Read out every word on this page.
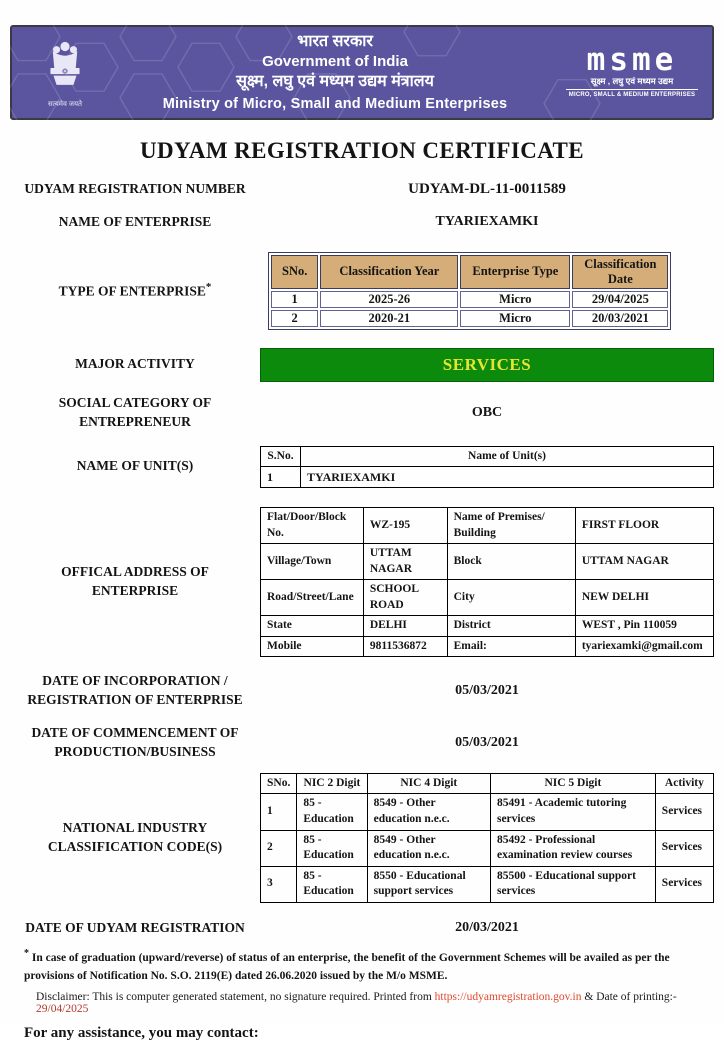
सत्यमेव जयते
भारत सरकार
Government of India
सूक्ष्म, लघु एवं मध्यम उद्यम मंत्रालय
Ministry of Micro, Small and Medium Enterprises
msme
सूक्ष्म , लघु एवं मध्यम उद्यम
MICRO, SMALL & MEDIUM ENTERPRISES
UDYAM REGISTRATION CERTIFICATE
UDYAM REGISTRATION NUMBER	UDYAM-DL-11-0011589
NAME OF ENTERPRISE	TYARIEXAMKI
TYPE OF ENTERPRISE*
SNo.	Classification Year	Enterprise Type	Classification Date
1	2025-26	Micro	29/04/2025
2	2020-21	Micro	20/03/2021
MAJOR ACTIVITY	SERVICES
SOCIAL CATEGORY OF ENTREPRENEUR
OBC
NAME OF UNIT(S)
S.No.	Name of Unit(s)
1	TYARIEXAMKI
OFFICAL ADDRESS OF ENTERPRISE
Flat/Door/Block No.	WZ-195	Name of Premises/ Building	FIRST FLOOR
Village/Town	UTTAM NAGAR	Block	UTTAM NAGAR
Road/Street/Lane	SCHOOL ROAD	City	NEW DELHI
State	DELHI	District	WEST , Pin 110059
Mobile	9811536872	Email:	tyariexamki@gmail.com
DATE OF INCORPORATION / REGISTRATION OF ENTERPRISE
05/03/2021
DATE OF COMMENCEMENT OF PRODUCTION/BUSINESS
05/03/2021
NATIONAL INDUSTRY CLASSIFICATION CODE(S)
SNo.	NIC 2 Digit	NIC 4 Digit	NIC 5 Digit	Activity
1	85 - Education	8549 - Other education n.e.c.	85491 - Academic tutoring services	Services
2	85 - Education	8549 - Other education n.e.c.	85492 - Professional examination review courses	Services
3	85 - Education	8550 - Educational support services	85500 - Educational support services	Services
DATE OF UDYAM REGISTRATION	20/03/2021

* In case of graduation (upward/reverse) of status of an enterprise, the benefit of the Government Schemes will be availed as per the provisions of Notification No. S.O. 2119(E) dated 26.06.2020 issued by the M/o MSME.

Disclaimer: This is computer generated statement, no signature required. Printed from https://udyamregistration.gov.in & Date of printing:- 29/04/2025

For any assistance, you may contact:
